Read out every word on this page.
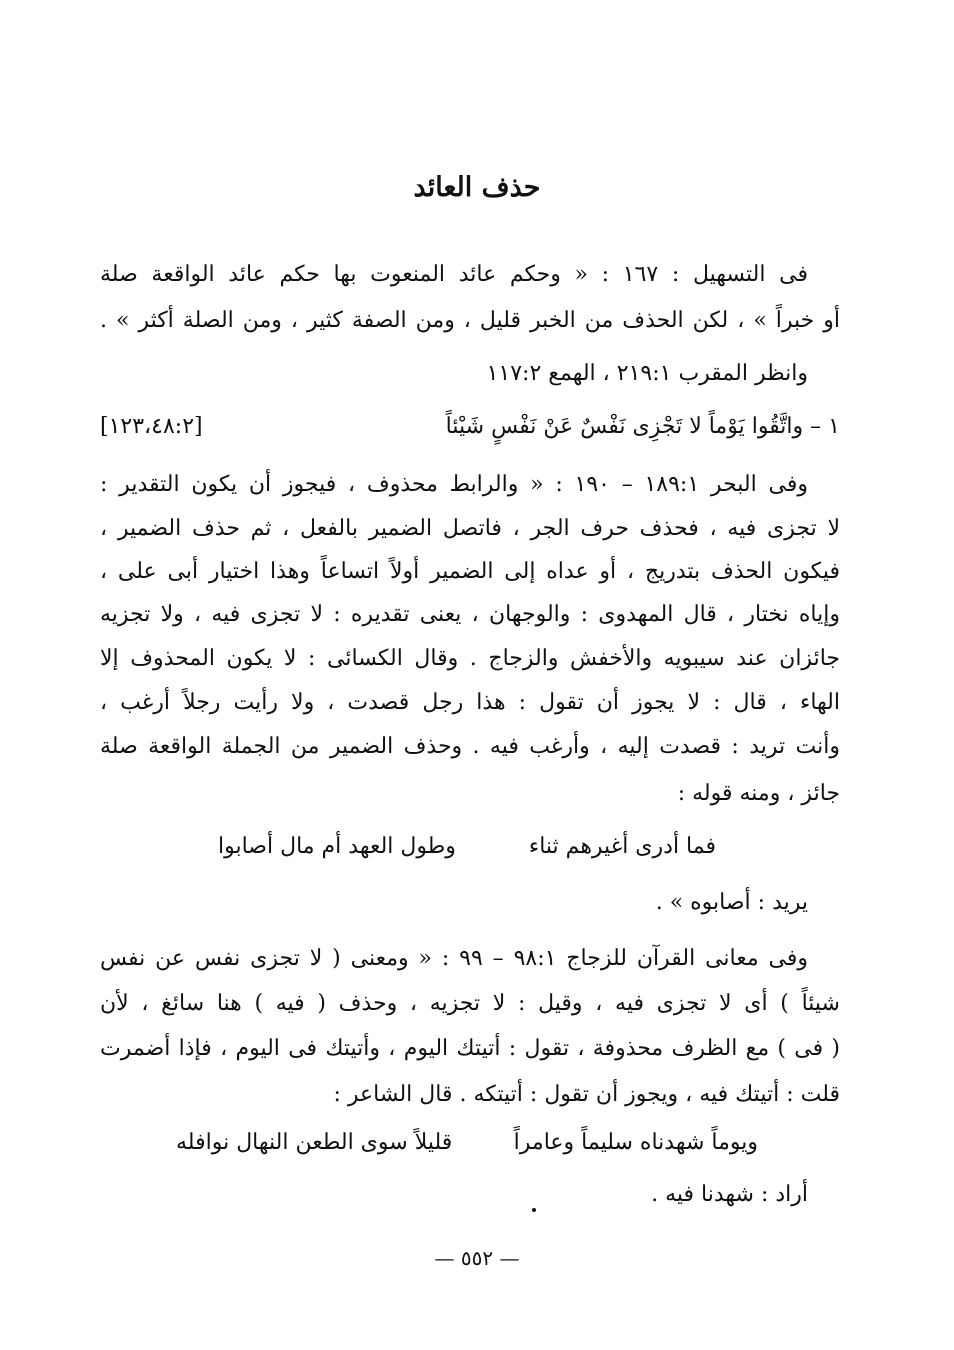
حذف العائد
فى التسهيل : ١٦٧ : « وحكم عائد المنعوت بها حكم عائد الواقعة صلة
أو خبراً » ، لكن الحذف من الخبر قليل ، ومن الصفة كثير ، ومن الصلة أكثر » .
وانظر المقرب ٢١٩:١ ، الهمع ١١٧:٢
١ – واتَّقُوا يَوْماً لا تَجْزِى نَفْسٌ عَنْ نَفْسٍ شَيْئاً
[١٢٣،٤٨:٢]
وفى البحر ١٨٩:١ – ١٩٠ : « والرابط محذوف ، فيجوز أن يكون التقدير :
لا تجزى فيه ، فحذف حرف الجر ، فاتصل الضمير بالفعل ، ثم حذف الضمير ،
فيكون الحذف بتدريج ، أو عداه إلى الضمير أولاً اتساعاً وهذا اختيار أبى على ،
وإياه نختار ، قال المهدوى : والوجهان ، يعنى تقديره : لا تجزى فيه ، ولا تجزيه
جائزان عند سيبويه والأخفش والزجاج . وقال الكسائى : لا يكون المحذوف إلا
الهاء ، قال : لا يجوز أن تقول : هذا رجل قصدت ، ولا رأيت رجلاً أرغب ،
وأنت تريد : قصدت إليه ، وأرغب فيه . وحذف الضمير من الجملة الواقعة صلة
جائز ، ومنه قوله :
فما أدرى أغيرهم ثناء
وطول العهد أم مال أصابوا
يريد : أصابوه » .
وفى معانى القرآن للزجاج ٩٨:١ – ٩٩ : « ومعنى ( لا تجزى نفس عن نفس
شيئاً ) أى لا تجزى فيه ، وقيل : لا تجزيه ، وحذف ( فيه ) هنا سائغ ، لأن
( فى ) مع الظرف محذوفة ، تقول : أتيتك اليوم ، وأتيتك فى اليوم ، فإذا أضمرت
قلت : أتيتك فيه ، ويجوز أن تقول : أتيتكه . قال الشاعر :
ويوماً شهدناه سليماً وعامراً
قليلاً سوى الطعن النهال نوافله
أراد : شهدنا فيه .
— ٥٥٢ —
